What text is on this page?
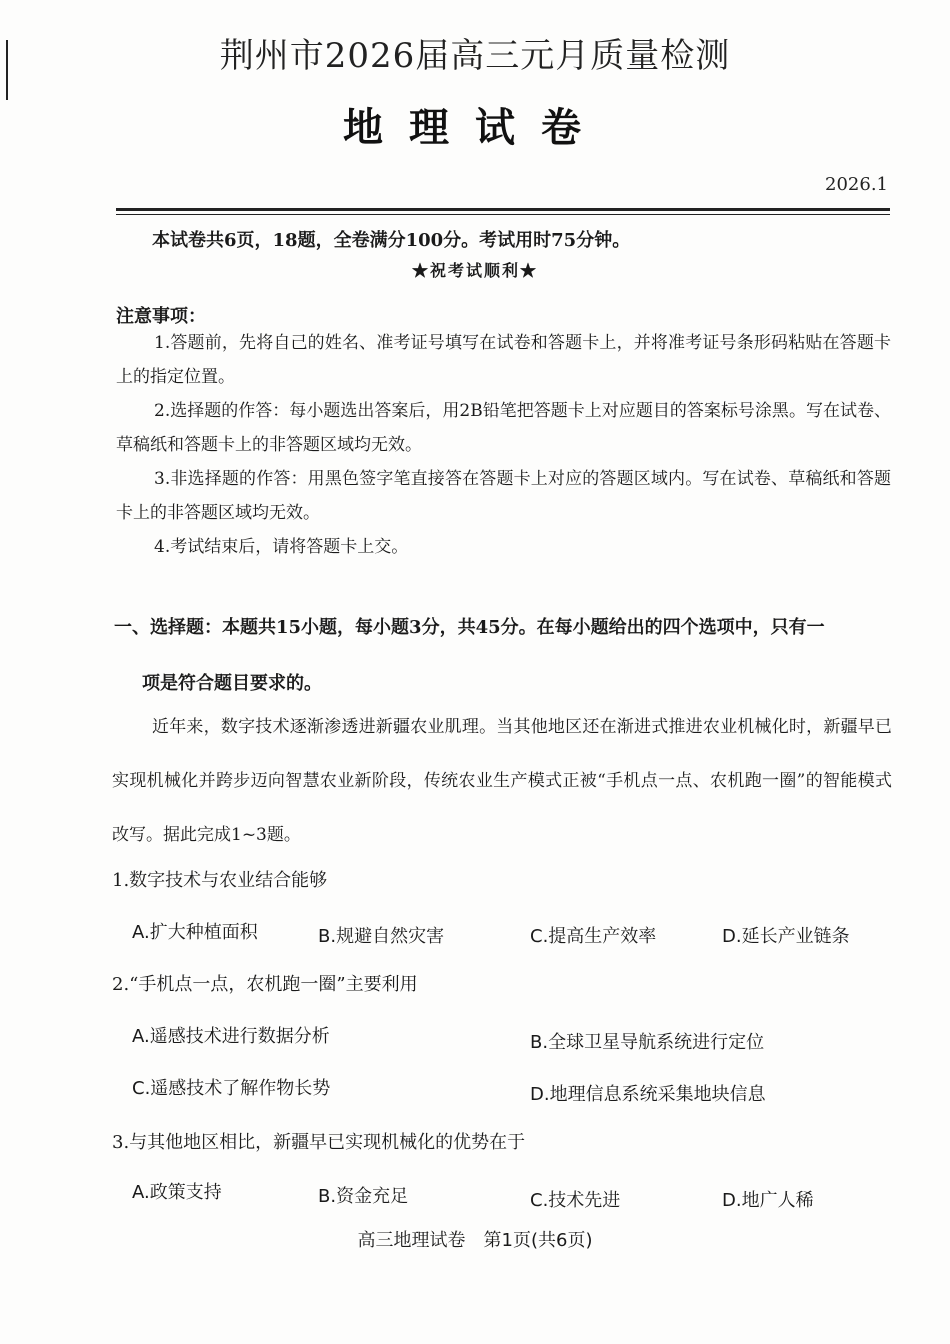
荆州市2026届高三元月质量检测
地理试卷
2026.1
本试卷共6页，18题，全卷满分100分。考试用时75分钟。
★祝考试顺利★
注意事项：
1.答题前，先将自己的姓名、准考证号填写在试卷和答题卡上，并将准考证号条形码粘贴在答题卡上的指定位置。
2.选择题的作答：每小题选出答案后，用2B铅笔把答题卡上对应题目的答案标号涂黑。写在试卷、草稿纸和答题卡上的非答题区域均无效。
3.非选择题的作答：用黑色签字笔直接答在答题卡上对应的答题区域内。写在试卷、草稿纸和答题卡上的非答题区域均无效。
4.考试结束后，请将答题卡上交。
一、选择题：本题共15小题，每小题3分，共45分。在每小题给出的四个选项中，只有一
项是符合题目要求的。
近年来，数字技术逐渐渗透进新疆农业肌理。当其他地区还在渐进式推进农业机械化时，新疆早已实现机械化并跨步迈向智慧农业新阶段，传统农业生产模式正被“手机点一点、农机跑一圈”的智能模式改写。据此完成1~3题。
1.数字技术与农业结合能够
A.扩大种植面积	B.规避自然灾害	C.提高生产效率	D.延长产业链条
2.“手机点一点，农机跑一圈”主要利用
A.遥感技术进行数据分析	B.全球卫星导航系统进行定位
C.遥感技术了解作物长势	D.地理信息系统采集地块信息
3.与其他地区相比，新疆早已实现机械化的优势在于
A.政策支持	B.资金充足	C.技术先进	D.地广人稀
高三地理试卷　第1页(共6页)
